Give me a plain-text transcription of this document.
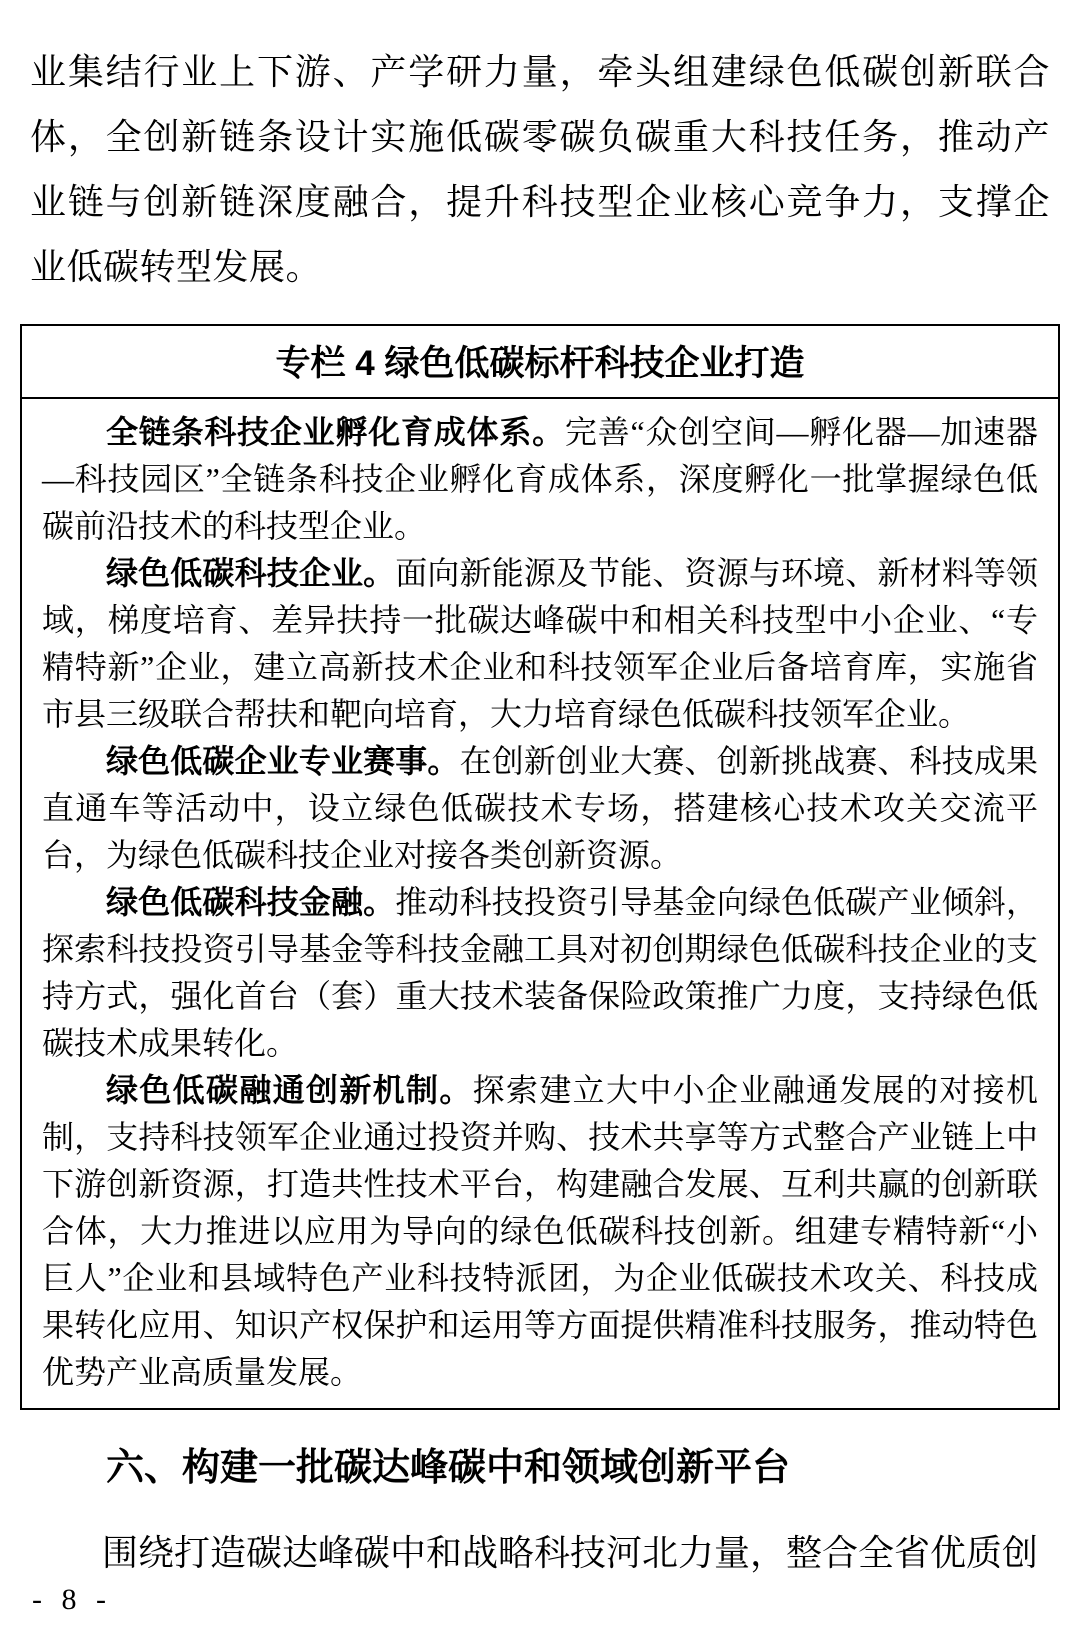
业集结行业上下游、产学研力量，牵头组建绿色低碳创新联合体，全创新链条设计实施低碳零碳负碳重大科技任务，推动产业链与创新链深度融合，提升科技型企业核心竞争力，支撑企业低碳转型发展。

专栏 4 绿色低碳标杆科技企业打造

全链条科技企业孵化育成体系。完善“众创空间—孵化器—加速器—科技园区”全链条科技企业孵化育成体系，深度孵化一批掌握绿色低碳前沿技术的科技型企业。

绿色低碳科技企业。面向新能源及节能、资源与环境、新材料等领域，梯度培育、差异扶持一批碳达峰碳中和相关科技型中小企业、“专精特新”企业，建立高新技术企业和科技领军企业后备培育库，实施省市县三级联合帮扶和靶向培育，大力培育绿色低碳科技领军企业。

绿色低碳企业专业赛事。在创新创业大赛、创新挑战赛、科技成果直通车等活动中，设立绿色低碳技术专场，搭建核心技术攻关交流平台，为绿色低碳科技企业对接各类创新资源。

绿色低碳科技金融。推动科技投资引导基金向绿色低碳产业倾斜，探索科技投资引导基金等科技金融工具对初创期绿色低碳科技企业的支持方式，强化首台（套）重大技术装备保险政策推广力度，支持绿色低碳技术成果转化。

绿色低碳融通创新机制。探索建立大中小企业融通发展的对接机制，支持科技领军企业通过投资并购、技术共享等方式整合产业链上中下游创新资源，打造共性技术平台，构建融合发展、互利共赢的创新联合体，大力推进以应用为导向的绿色低碳科技创新。组建专精特新“小巨人”企业和县域特色产业科技特派团，为企业低碳技术攻关、科技成果转化应用、知识产权保护和运用等方面提供精准科技服务，推动特色优势产业高质量发展。

六、构建一批碳达峰碳中和领域创新平台

围绕打造碳达峰碳中和战略科技河北力量，整合全省优质创

- 8 -
